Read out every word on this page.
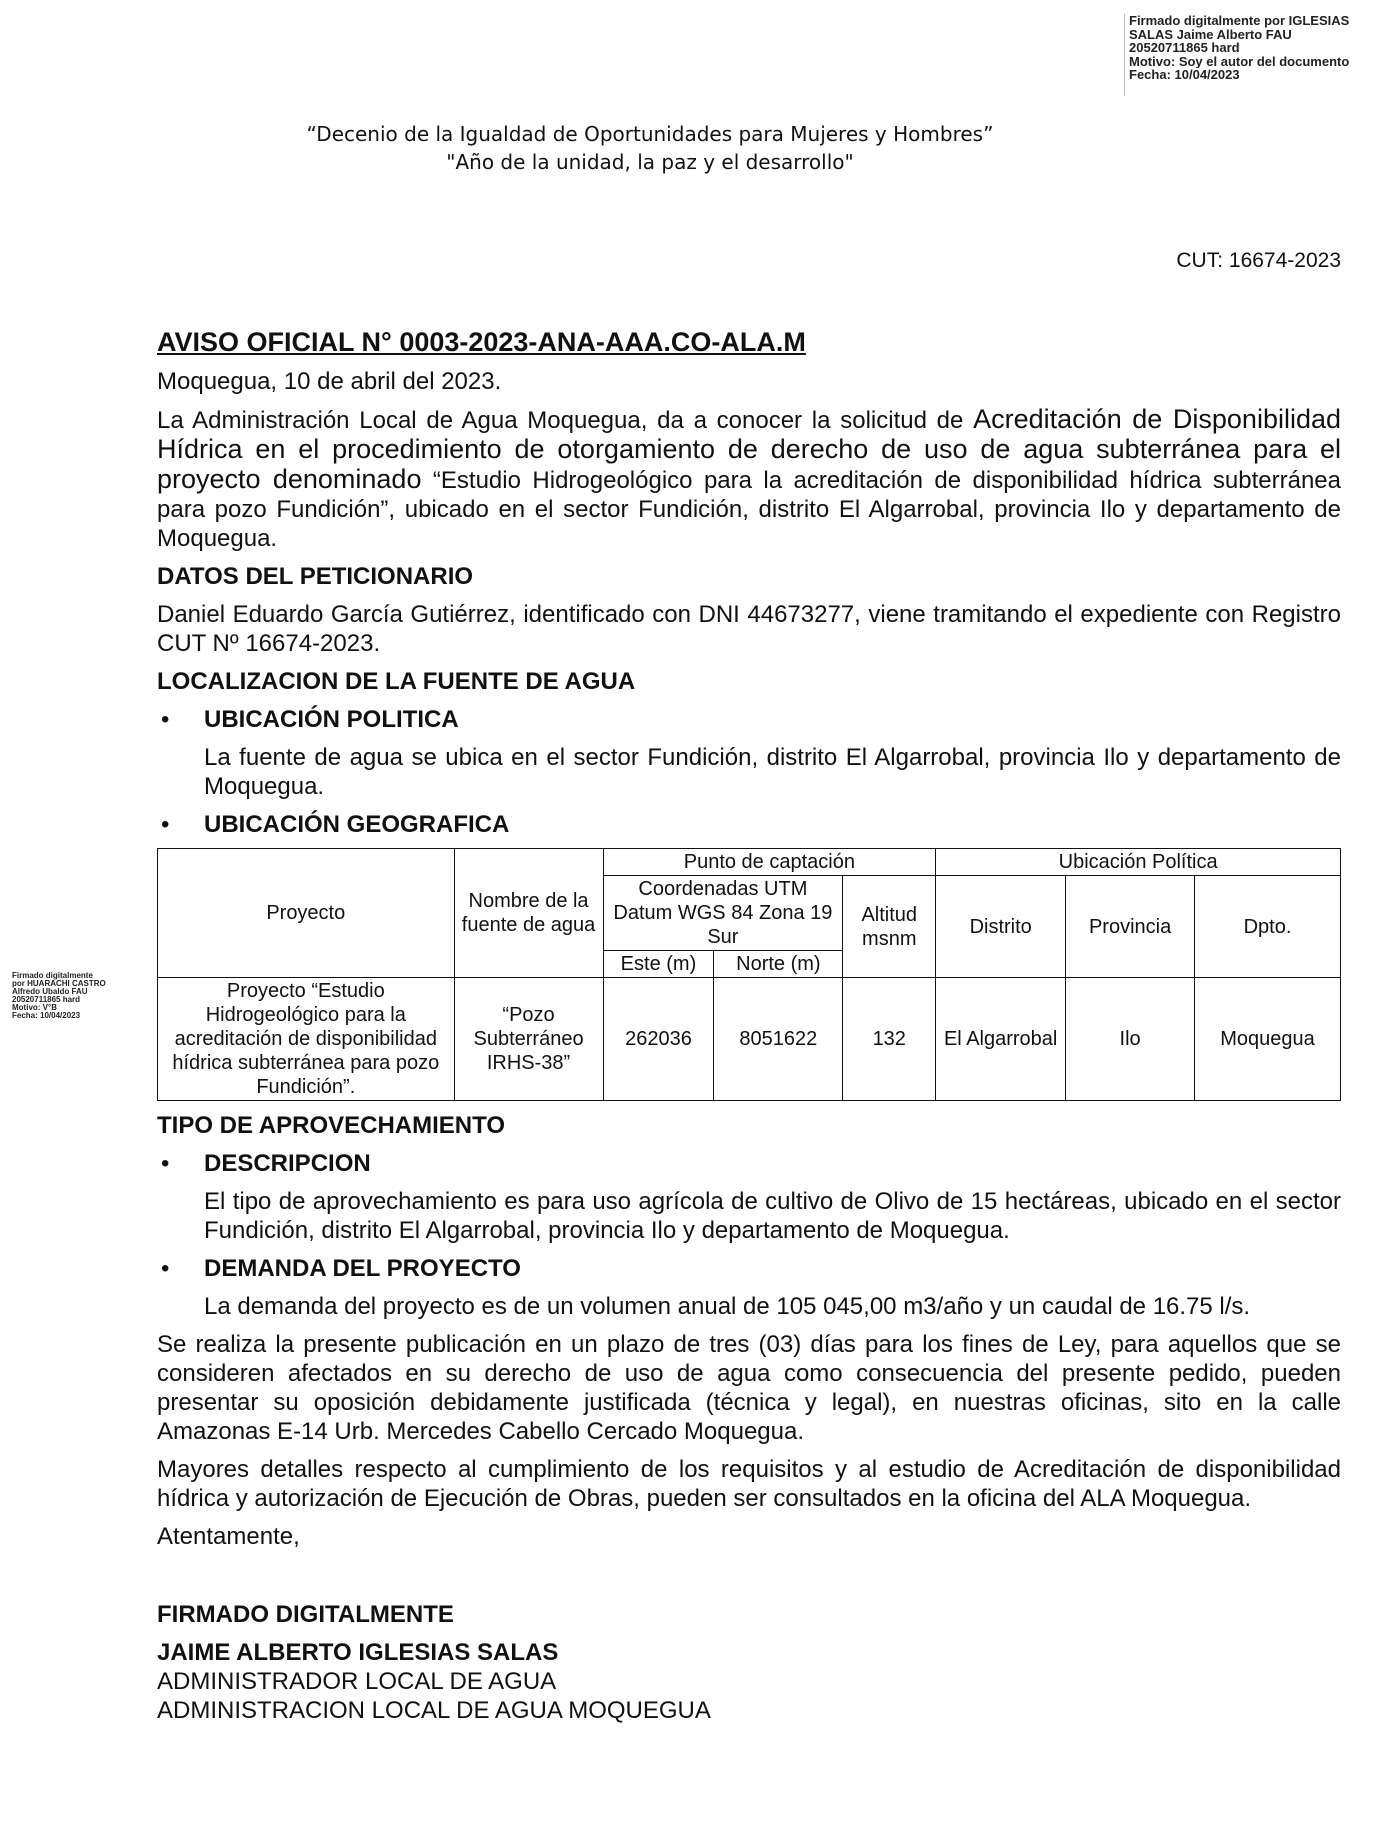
Firmado digitalmente por IGLESIAS
SALAS Jaime Alberto FAU
20520711865 hard
Motivo: Soy el autor del documento
Fecha: 10/04/2023
Firmado digitalmente
por HUARACHI CASTRO
Alfredo Ubaldo FAU
20520711865 hard
Motivo: V°B
Fecha: 10/04/2023
“Decenio de la Igualdad de Oportunidades para Mujeres y Hombres”
"Año de la unidad, la paz y el desarrollo"
CUT: 16674-2023
AVISO OFICIAL N° 0003-2023-ANA-AAA.CO-ALA.M

Moquegua, 10 de abril del 2023.

La Administración Local de Agua Moquegua, da a conocer la solicitud de Acreditación de Disponibilidad Hídrica en el procedimiento de otorgamiento de derecho de uso de agua subterránea para el proyecto denominado “Estudio Hidrogeológico para la acreditación de disponibilidad hídrica subterránea para pozo Fundición”, ubicado en el sector Fundición, distrito El Algarrobal, provincia Ilo y departamento de Moquegua.

DATOS DEL PETICIONARIO

Daniel Eduardo García Gutiérrez, identificado con DNI 44673277, viene tramitando el expediente con Registro CUT Nº 16674-2023.

LOCALIZACION DE LA FUENTE DE AGUA
• UBICACIÓN POLITICA

La fuente de agua se ubica en el sector Fundición, distrito El Algarrobal, provincia Ilo y departamento de Moquegua.

• UBICACIÓN GEOGRAFICA
Proyecto	Nombre de la fuente de agua	Punto de captación			Ubicación Política		
		Coordenadas UTM Datum WGS 84 Zona 19 Sur		Altitud msnm	Distrito	Provincia	Dpto.
		Este (m)	Norte (m)				
Proyecto “Estudio Hidrogeológico para la acreditación de disponibilidad hídrica subterránea para pozo Fundición”.	“Pozo Subterráneo IRHS-38”	262036	8051622	132	El Algarrobal	Ilo	Moquegua
TIPO DE APROVECHAMIENTO
• DESCRIPCION

El tipo de aprovechamiento es para uso agrícola de cultivo de Olivo de 15 hectáreas, ubicado en el sector Fundición, distrito El Algarrobal, provincia Ilo y departamento de Moquegua.

• DEMANDA DEL PROYECTO

La demanda del proyecto es de un volumen anual de 105 045,00 m3/año y un caudal de 16.75 l/s.

Se realiza la presente publicación en un plazo de tres (03) días para los fines de Ley, para aquellos que se consideren afectados en su derecho de uso de agua como consecuencia del presente pedido, pueden presentar su oposición debidamente justificada (técnica y legal), en nuestras oficinas, sito en la calle Amazonas E-14 Urb. Mercedes Cabello Cercado Moquegua.

Mayores detalles respecto al cumplimiento de los requisitos y al estudio de Acreditación de disponibilidad hídrica y autorización de Ejecución de Obras, pueden ser consultados en la oficina del ALA Moquegua.

Atentamente,

FIRMADO DIGITALMENTE
JAIME ALBERTO IGLESIAS SALAS
ADMINISTRADOR LOCAL DE AGUA
ADMINISTRACION LOCAL DE AGUA MOQUEGUA
